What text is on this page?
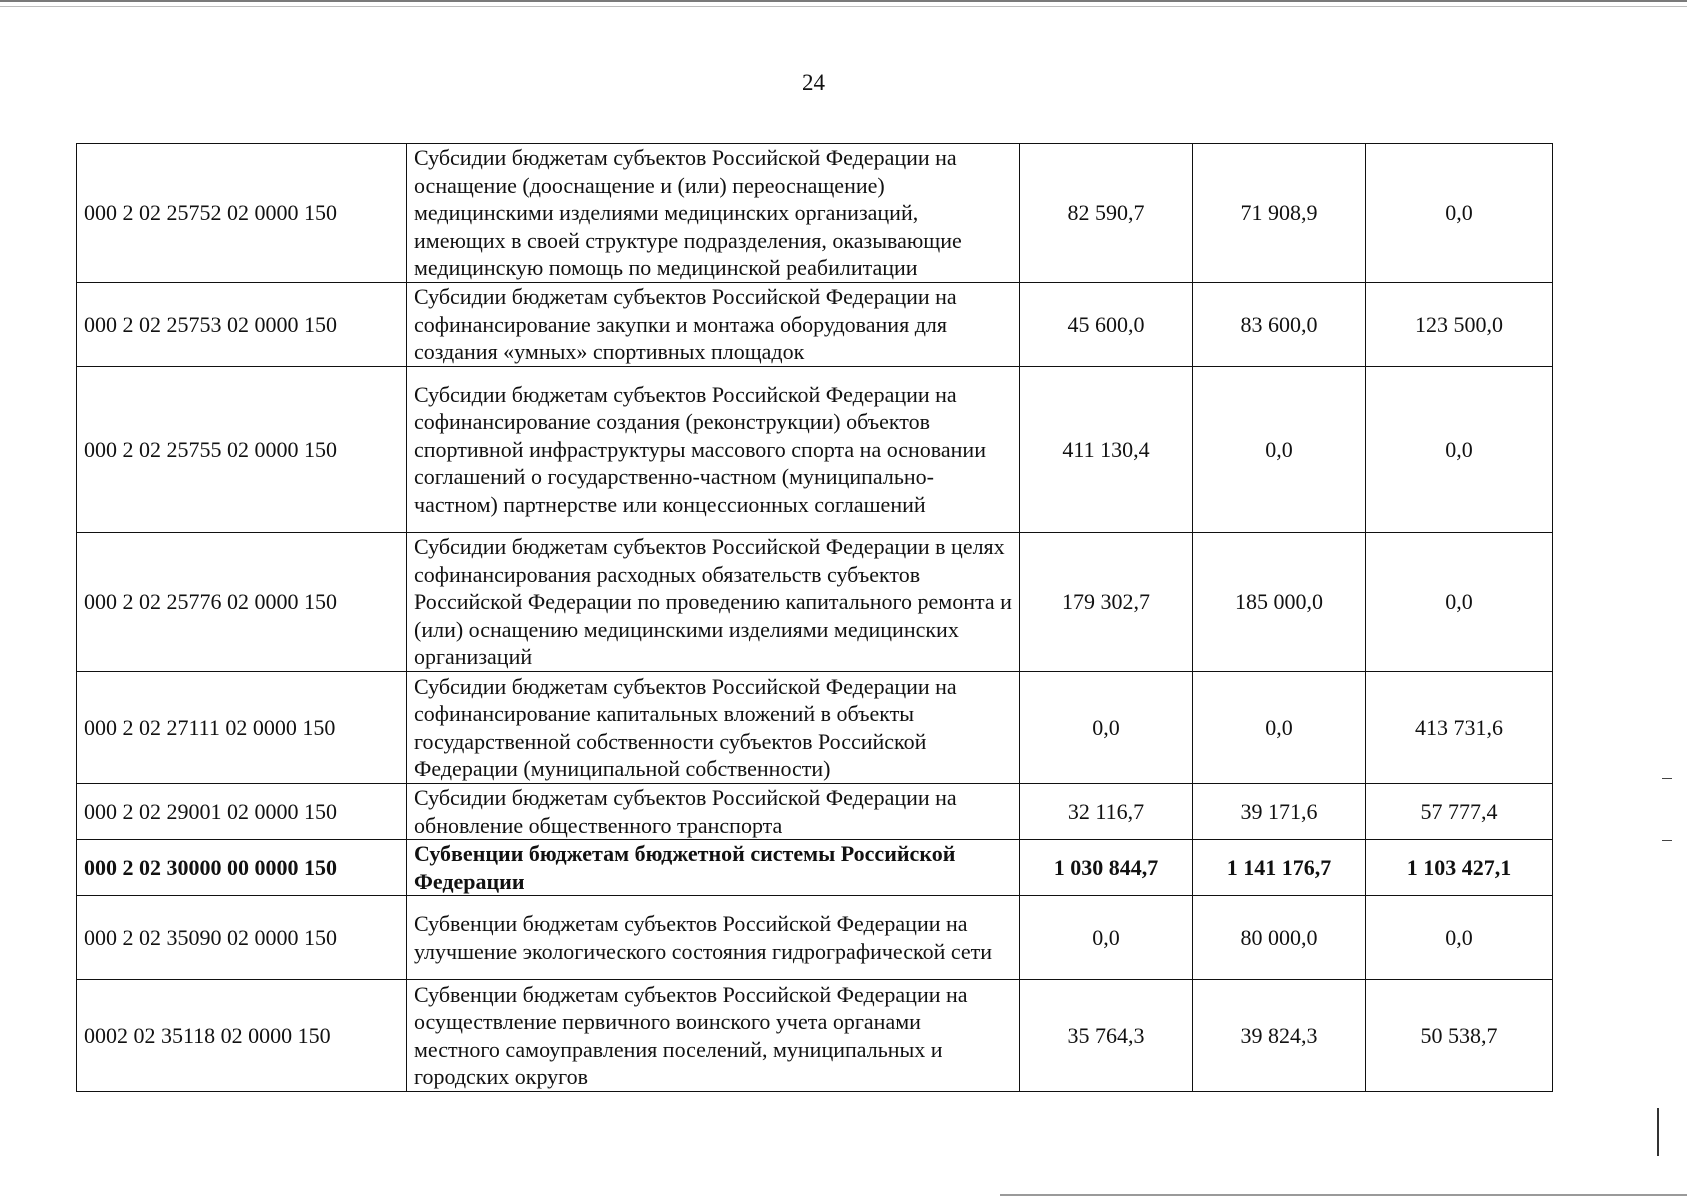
24
000 2 02 25752 02 0000 150	Субсидии бюджетам субъектов Российской Федерации на оснащение (дооснащение и (или) переоснащение) медицинскими изделиями медицинских организаций, имеющих в своей структуре подразделения, оказывающие медицинскую помощь по медицинской реабилитации	82 590,7	71 908,9	0,0
000 2 02 25753 02 0000 150	Субсидии бюджетам субъектов Российской Федерации на софинансирование закупки и монтажа оборудования для создания «умных» спортивных площадок	45 600,0	83 600,0	123 500,0
000 2 02 25755 02 0000 150	Субсидии бюджетам субъектов Российской Федерации на софинансирование создания (реконструкции) объектов спортивной инфраструктуры массового спорта на основании соглашений о государственно-частном (муниципально-частном) партнерстве или концессионных соглашений	411 130,4	0,0	0,0
000 2 02 25776 02 0000 150	Субсидии бюджетам субъектов Российской Федерации в целях софинансирования расходных обязательств субъектов Российской Федерации по проведению капитального ремонта и (или) оснащению медицинскими изделиями медицинских организаций	179 302,7	185 000,0	0,0
000 2 02 27111 02 0000 150	Субсидии бюджетам субъектов Российской Федерации на софинансирование капитальных вложений в объекты государственной собственности субъектов Российской Федерации (муниципальной собственности)	0,0	0,0	413 731,6
000 2 02 29001 02 0000 150	Субсидии бюджетам субъектов Российской Федерации на обновление общественного транспорта	32 116,7	39 171,6	57 777,4
000 2 02 30000 00 0000 150	Субвенции бюджетам бюджетной системы Российской Федерации	1 030 844,7	1 141 176,7	1 103 427,1
000 2 02 35090 02 0000 150	Субвенции бюджетам субъектов Российской Федерации на улучшение экологического состояния гидрографической сети	0,0	80 000,0	0,0
0002 02 35118 02 0000 150	Субвенции бюджетам субъектов Российской Федерации на осуществление первичного воинского учета органами местного самоуправления поселений, муниципальных и городских округов	35 764,3	39 824,3	50 538,7
